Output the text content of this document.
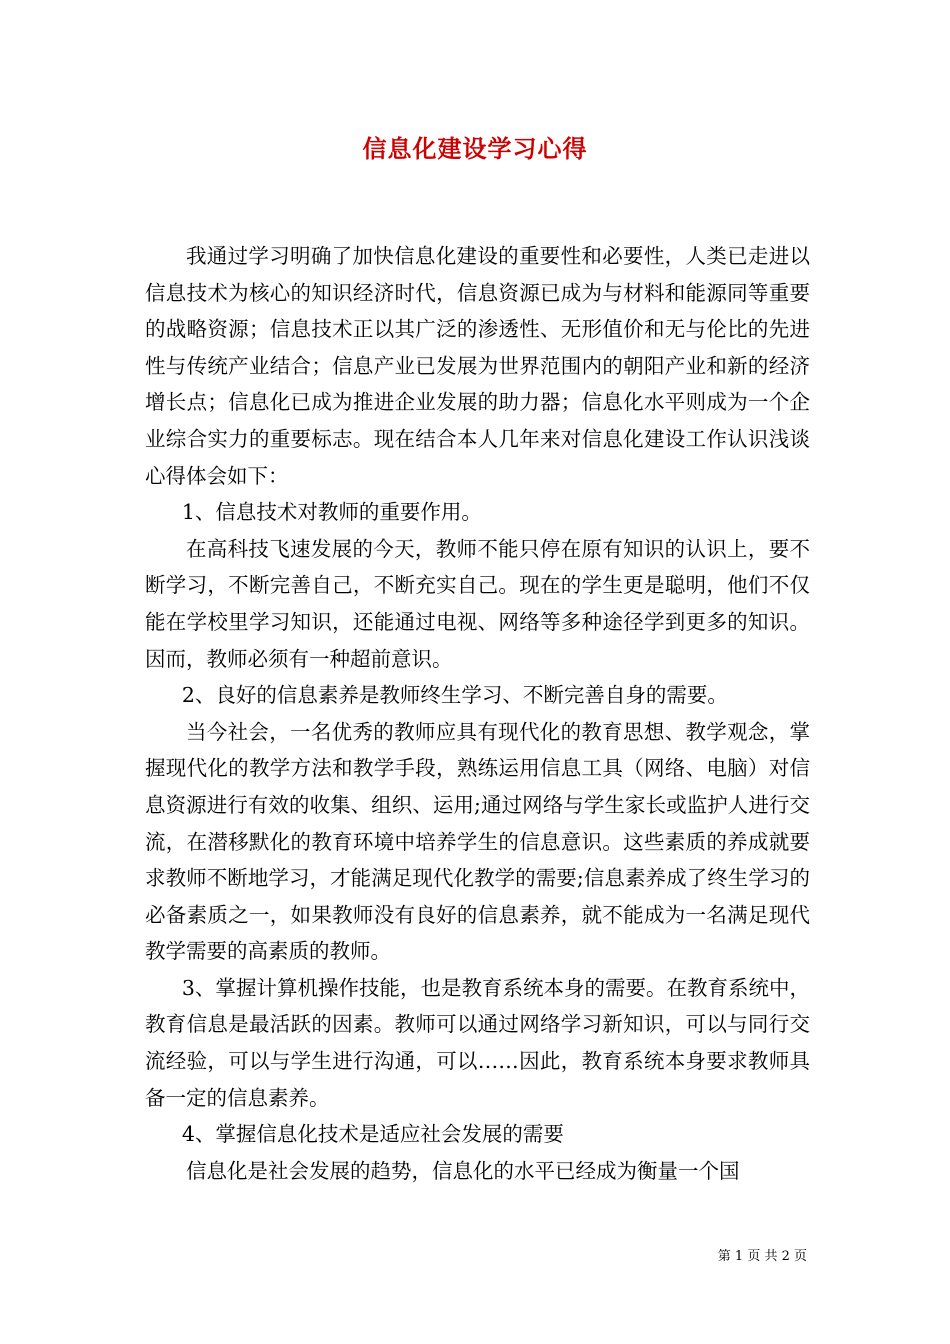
信息化建设学习心得

我通过学习明确了加快信息化建设的重要性和必要性，人类已走进以信息技术为核心的知识经济时代，信息资源已成为与材料和能源同等重要的战略资源；信息技术正以其广泛的渗透性、无形值价和无与伦比的先进性与传统产业结合；信息产业已发展为世界范围内的朝阳产业和新的经济增长点；信息化已成为推进企业发展的助力器；信息化水平则成为一个企业综合实力的重要标志。现在结合本人几年来对信息化建设工作认识浅谈心得体会如下：

1、信息技术对教师的重要作用。

在高科技飞速发展的今天，教师不能只停在原有知识的认识上，要不断学习，不断完善自己，不断充实自己。现在的学生更是聪明，他们不仅能在学校里学习知识，还能通过电视、网络等多种途径学到更多的知识。因而，教师必须有一种超前意识。

2、良好的信息素养是教师终生学习、不断完善自身的需要。

当今社会，一名优秀的教师应具有现代化的教育思想、教学观念，掌握现代化的教学方法和教学手段，熟练运用信息工具（网络、电脑）对信息资源进行有效的收集、组织、运用;通过网络与学生家长或监护人进行交流，在潜移默化的教育环境中培养学生的信息意识。这些素质的养成就要求教师不断地学习，才能满足现代化教学的需要;信息素养成了终生学习的必备素质之一，如果教师没有良好的信息素养，就不能成为一名满足现代教学需要的高素质的教师。

3、掌握计算机操作技能，也是教育系统本身的需要。在教育系统中，教育信息是最活跃的因素。教师可以通过网络学习新知识，可以与同行交流经验，可以与学生进行沟通，可以……因此，教育系统本身要求教师具备一定的信息素养。

4、掌握信息化技术是适应社会发展的需要

信息化是社会发展的趋势，信息化的水平已经成为衡量一个国

第 1 页 共 2 页
